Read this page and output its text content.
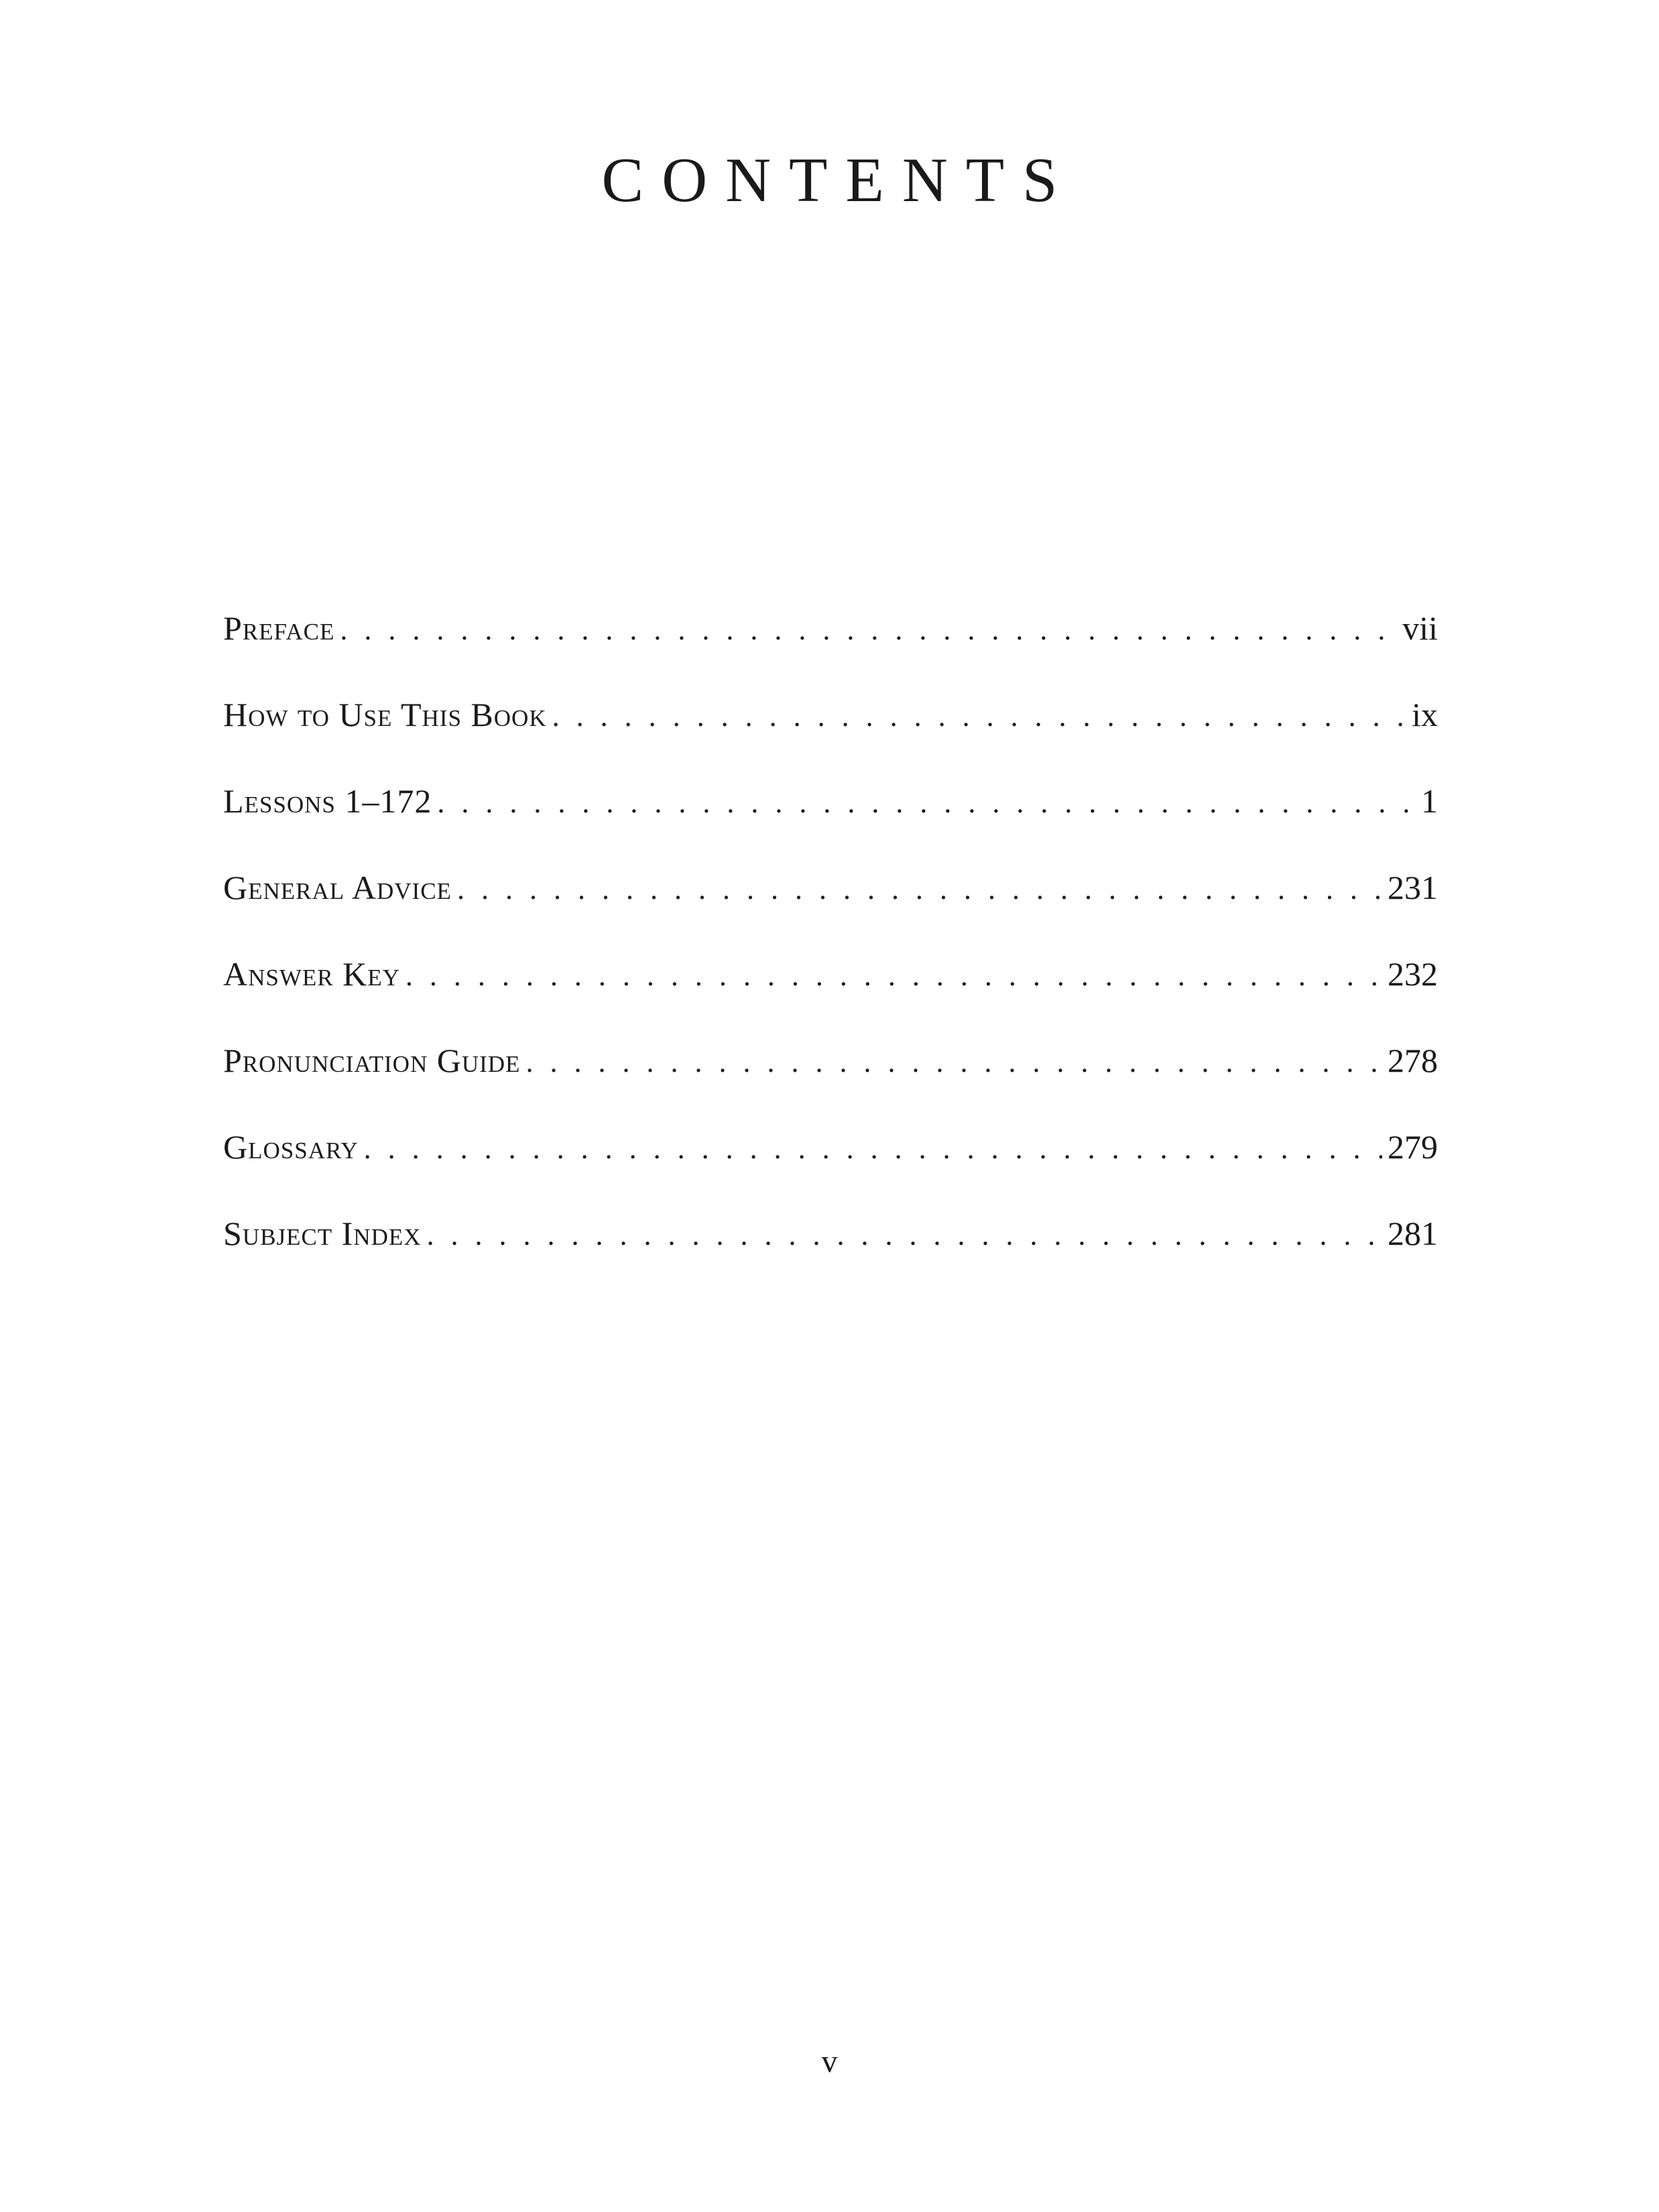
CONTENTS
Preface . . .	vii
How to Use This Book . . .	ix
Lessons 1–172 . . .	1
General Advice . . .	231
Answer Key . . .	232
Pronunciation Guide . . .	278
Glossary . . .	279
Subject Index . . .	281
v
